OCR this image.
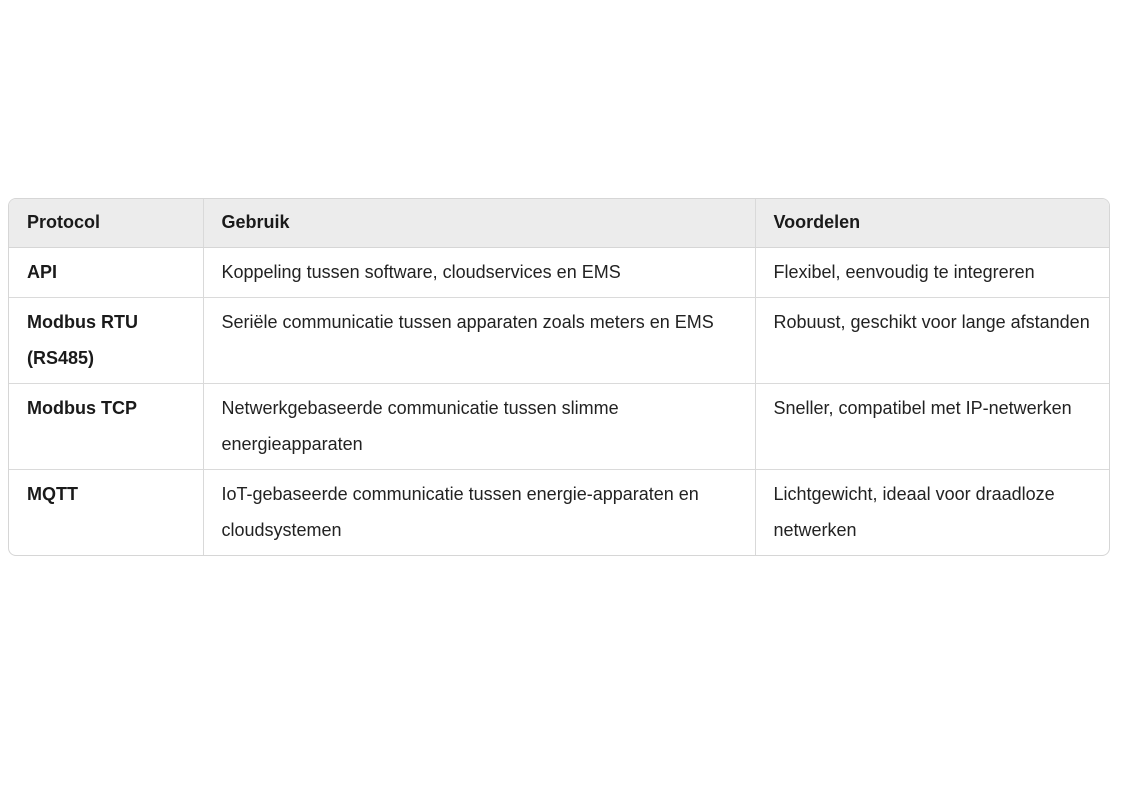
Protocol	Gebruik	Voordelen
API	Koppeling tussen software, cloudservices en EMS	Flexibel, eenvoudig te integreren
Modbus RTU (RS485)	Seriële communicatie tussen apparaten zoals meters en EMS	Robuust, geschikt voor lange afstanden
Modbus TCP	Netwerkgebaseerde communicatie tussen slimme energieapparaten	Sneller, compatibel met IP-netwerken
MQTT	IoT-gebaseerde communicatie tussen energie-apparaten en cloudsystemen	Lichtgewicht, ideaal voor draadloze netwerken
